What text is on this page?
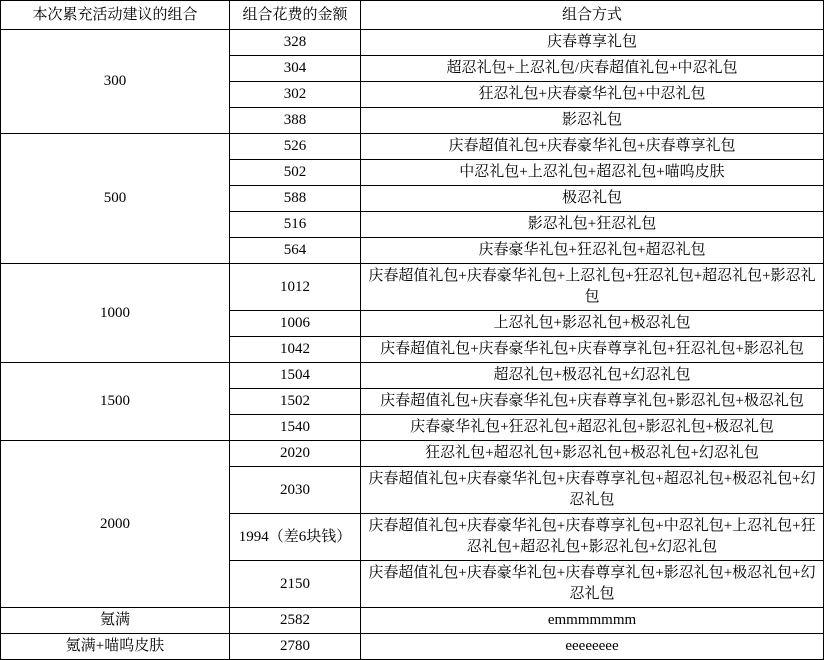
本次累充活动建议的组合	组合花费的金额	组合方式
300	328	庆春尊享礼包
	304	超忍礼包+上忍礼包/庆春超值礼包+中忍礼包
	302	狂忍礼包+庆春豪华礼包+中忍礼包
	388	影忍礼包
500	526	庆春超值礼包+庆春豪华礼包+庆春尊享礼包
	502	中忍礼包+上忍礼包+超忍礼包+喵呜皮肤
	588	极忍礼包
	516	影忍礼包+狂忍礼包
	564	庆春豪华礼包+狂忍礼包+超忍礼包
1000	1012	庆春超值礼包+庆春豪华礼包+上忍礼包+狂忍礼包+超忍礼包+影忍礼包
	1006	上忍礼包+影忍礼包+极忍礼包
	1042	庆春超值礼包+庆春豪华礼包+庆春尊享礼包+狂忍礼包+影忍礼包
1500	1504	超忍礼包+极忍礼包+幻忍礼包
	1502	庆春超值礼包+庆春豪华礼包+庆春尊享礼包+影忍礼包+极忍礼包
	1540	庆春豪华礼包+狂忍礼包+超忍礼包+影忍礼包+极忍礼包
2000	2020	狂忍礼包+超忍礼包+影忍礼包+极忍礼包+幻忍礼包
	2030	庆春超值礼包+庆春豪华礼包+庆春尊享礼包+超忍礼包+极忍礼包+幻忍礼包
	1994（差6块钱）	庆春超值礼包+庆春豪华礼包+庆春尊享礼包+中忍礼包+上忍礼包+狂忍礼包+超忍礼包+影忍礼包+幻忍礼包
	2150	庆春超值礼包+庆春豪华礼包+庆春尊享礼包+影忍礼包+极忍礼包+幻忍礼包
氪满	2582	emmmmmmm
氪满+喵呜皮肤	2780	eeeeeeee
